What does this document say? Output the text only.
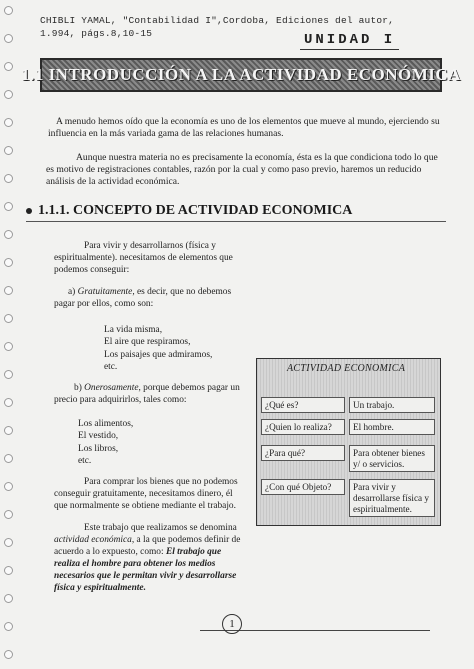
CHIBLI YAMAL, "Contabilidad I",Cordoba, Ediciones del autor,
1.994, págs.8,10-15	UNIDAD I
1.1 INTRODUCCIÓN A LA ACTIVIDAD ECONÓMICA
A menudo hemos oído que la economía es uno de los elementos que mueve al mundo, ejerciendo su influencia en la más variada gama de las relaciones humanas.
Aunque nuestra materia no es precisamente la economía, ésta es la que condiciona todo lo que es motivo de registraciones contables, razón por la cual y como paso previo, haremos un reducido análisis de la actividad económica.
1.1.1. CONCEPTO DE ACTIVIDAD ECONOMICA
Para vivir y desarrollarnos (física y espiritualmente). necesitamos de elementos que podemos conseguir:
a) Gratuitamente, es decir, que no debemos pagar por ellos, como son:
La vida misma,
El aire que respiramos,
Los paisajes que admiramos,
etc.
b) Onerosamente, porque debemos pagar un precio para adquirirlos, tales como:
Los alimentos,
El vestido,
Los libros,
etc.
Para comprar los bienes que no podemos conseguir gratuitamente, necesitamos dinero, él que normalmente se obtiene mediante el trabajo.
Este trabajo que realizamos se denomina actividad económica, a la que podemos definir de acuerdo a lo expuesto, como: El trabajo que realiza el hombre para obtener los medios necesarios que le permitan vivir y desarrollarse física y espiritualmente.
ACTIVIDAD ECONOMICA
¿Qué es?	Un trabajo.
¿Quien lo realiza?	El hombre.
¿Para qué?	Para obtener bienes y/ o servicios.
¿Con qué Objeto?	Para vivir y desarrollarse física y espiritualmente.
1
